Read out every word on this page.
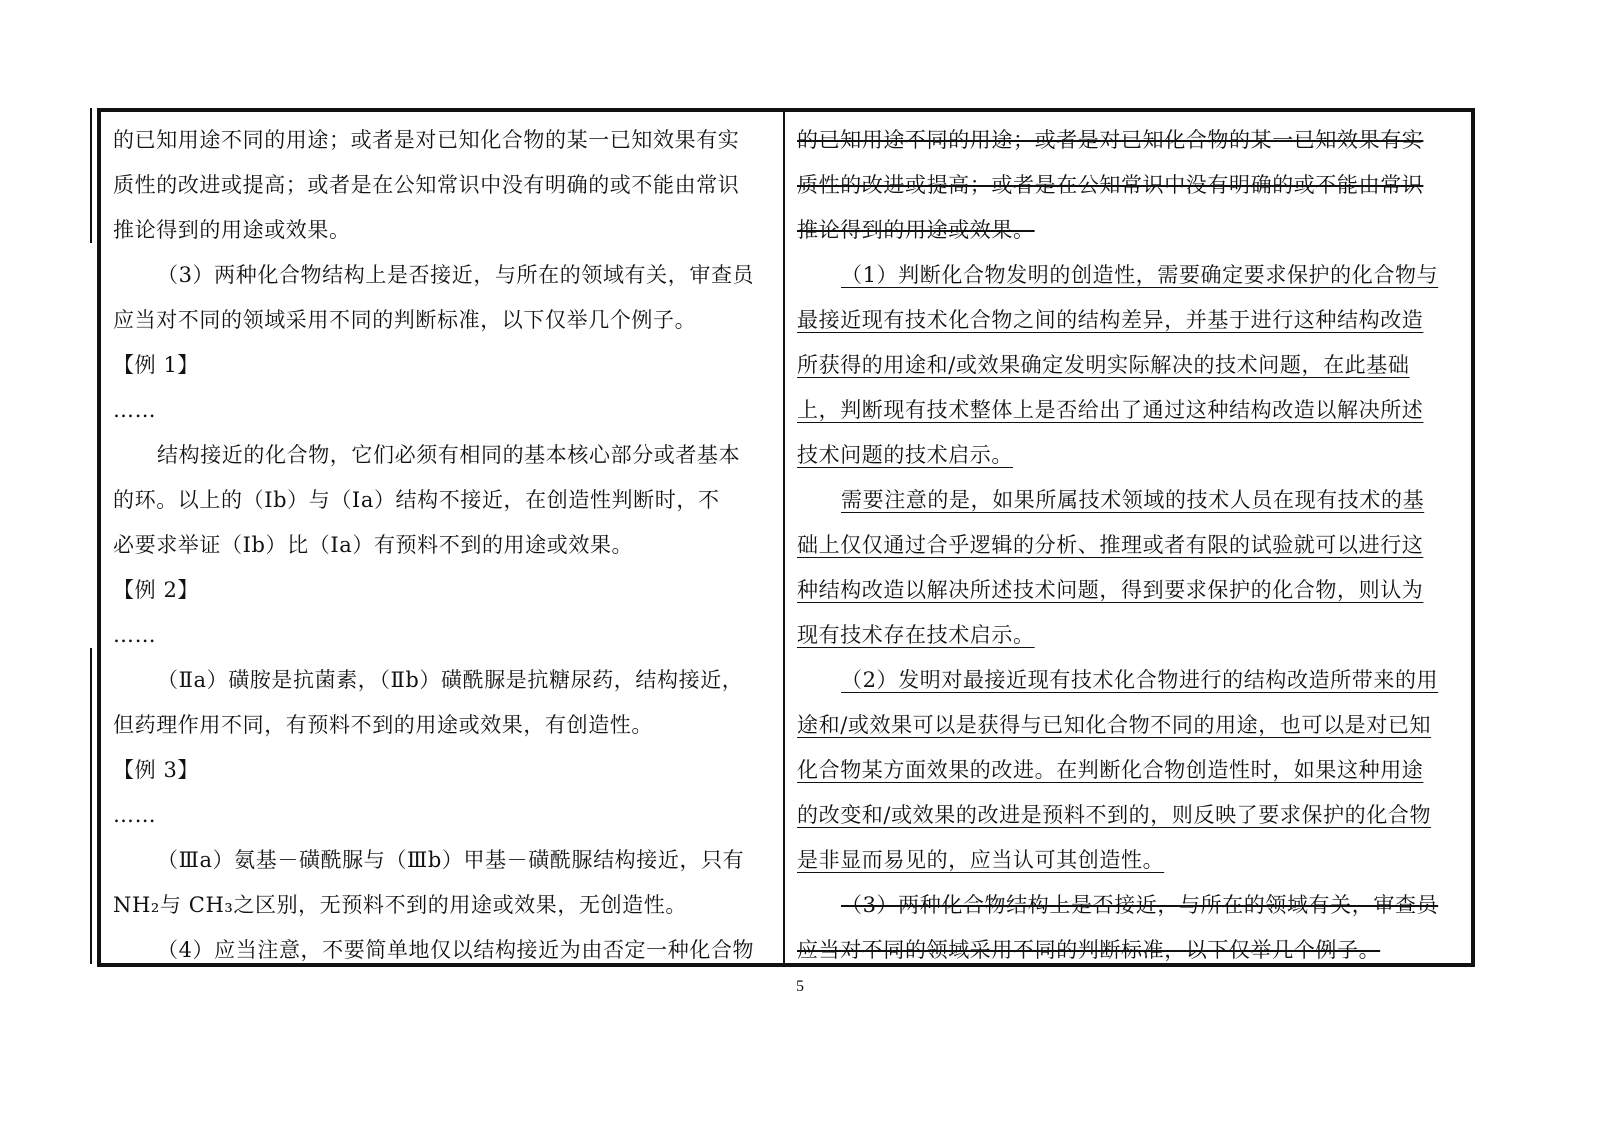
的已知用途不同的用途；或者是对已知化合物的某一已知效果有实
质性的改进或提高；或者是在公知常识中没有明确的或不能由常识
推论得到的用途或效果。
（3）两种化合物结构上是否接近，与所在的领域有关，审查员
应当对不同的领域采用不同的判断标准，以下仅举几个例子。
【例 1】
……
结构接近的化合物，它们必须有相同的基本核心部分或者基本
的环。以上的（Ⅰb）与（Ⅰa）结构不接近，在创造性判断时，不
必要求举证（Ib）比（Ia）有预料不到的用途或效果。
【例 2】
……
（Ⅱa）磺胺是抗菌素，（Ⅱb）磺酰脲是抗糖尿药，结构接近，
但药理作用不同，有预料不到的用途或效果，有创造性。
【例 3】
……
（Ⅲa）氨基－磺酰脲与（Ⅲb）甲基－磺酰脲结构接近，只有
NH₂与 CH₃之区别，无预料不到的用途或效果，无创造性。
（4）应当注意，不要简单地仅以结构接近为由否定一种化合物
的已知用途不同的用途；或者是对已知化合物的某一已知效果有实
质性的改进或提高；或者是在公知常识中没有明确的或不能由常识
推论得到的用途或效果。
（1）判断化合物发明的创造性，需要确定要求保护的化合物与
最接近现有技术化合物之间的结构差异，并基于进行这种结构改造
所获得的用途和/或效果确定发明实际解决的技术问题，在此基础
上，判断现有技术整体上是否给出了通过这种结构改造以解决所述
技术问题的技术启示。
需要注意的是，如果所属技术领域的技术人员在现有技术的基
础上仅仅通过合乎逻辑的分析、推理或者有限的试验就可以进行这
种结构改造以解决所述技术问题，得到要求保护的化合物，则认为
现有技术存在技术启示。
（2）发明对最接近现有技术化合物进行的结构改造所带来的用
途和/或效果可以是获得与已知化合物不同的用途，也可以是对已知
化合物某方面效果的改进。在判断化合物创造性时，如果这种用途
的改变和/或效果的改进是预料不到的，则反映了要求保护的化合物
是非显而易见的，应当认可其创造性。
（3）两种化合物结构上是否接近，与所在的领域有关，审查员
应当对不同的领域采用不同的判断标准，以下仅举几个例子。
5
